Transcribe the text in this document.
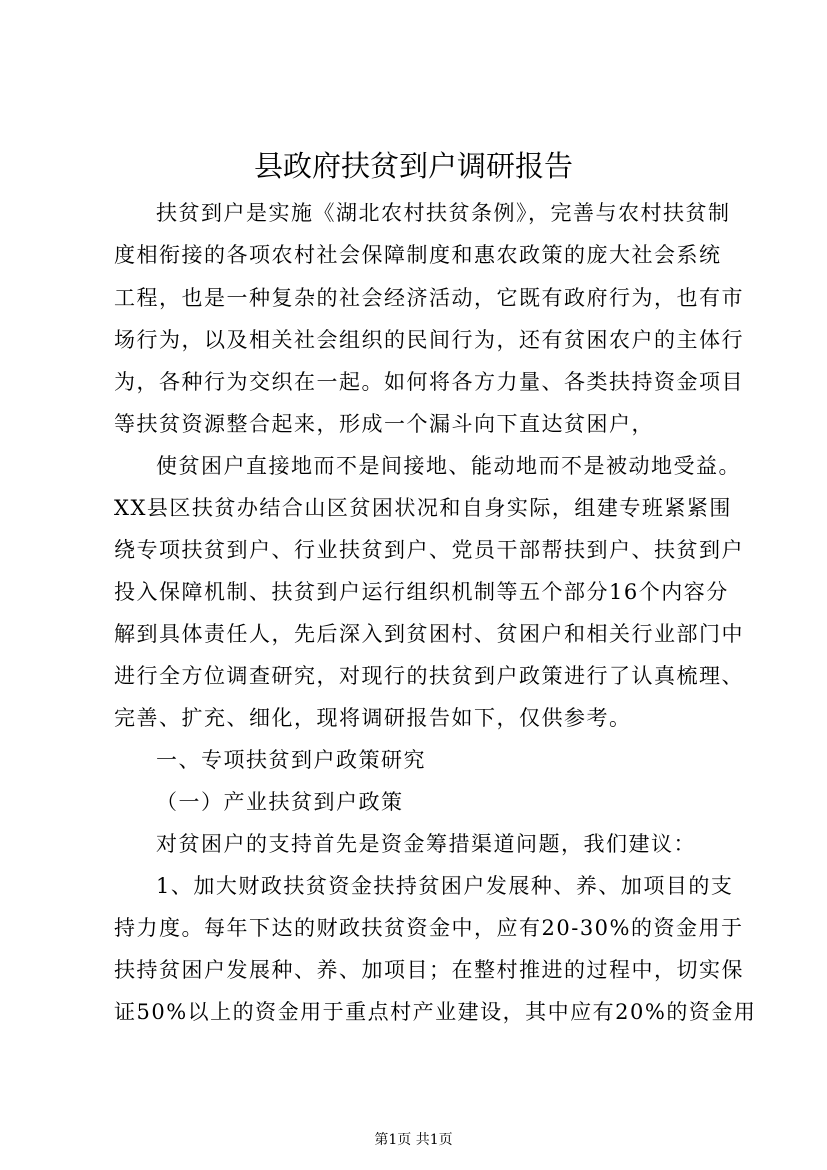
县政府扶贫到户调研报告
扶贫到户是实施《湖北农村扶贫条例》，完善与农村扶贫制
度相衔接的各项农村社会保障制度和惠农政策的庞大社会系统
工程，也是一种复杂的社会经济活动，它既有政府行为，也有市
场行为，以及相关社会组织的民间行为，还有贫困农户的主体行
为，各种行为交织在一起。如何将各方力量、各类扶持资金项目
等扶贫资源整合起来，形成一个漏斗向下直达贫困户，
使贫困户直接地而不是间接地、能动地而不是被动地受益。
XX县区扶贫办结合山区贫困状况和自身实际，组建专班紧紧围
绕专项扶贫到户、行业扶贫到户、党员干部帮扶到户、扶贫到户
投入保障机制、扶贫到户运行组织机制等五个部分16个内容分
解到具体责任人，先后深入到贫困村、贫困户和相关行业部门中
进行全方位调查研究，对现行的扶贫到户政策进行了认真梳理、
完善、扩充、细化，现将调研报告如下，仅供参考。
一、专项扶贫到户政策研究
（一）产业扶贫到户政策
对贫困户的支持首先是资金筹措渠道问题，我们建议：
1、加大财政扶贫资金扶持贫困户发展种、养、加项目的支
持力度。每年下达的财政扶贫资金中，应有20-30%的资金用于
扶持贫困户发展种、养、加项目；在整村推进的过程中，切实保
证50%以上的资金用于重点村产业建设，其中应有20%的资金用
第1页 共1页
